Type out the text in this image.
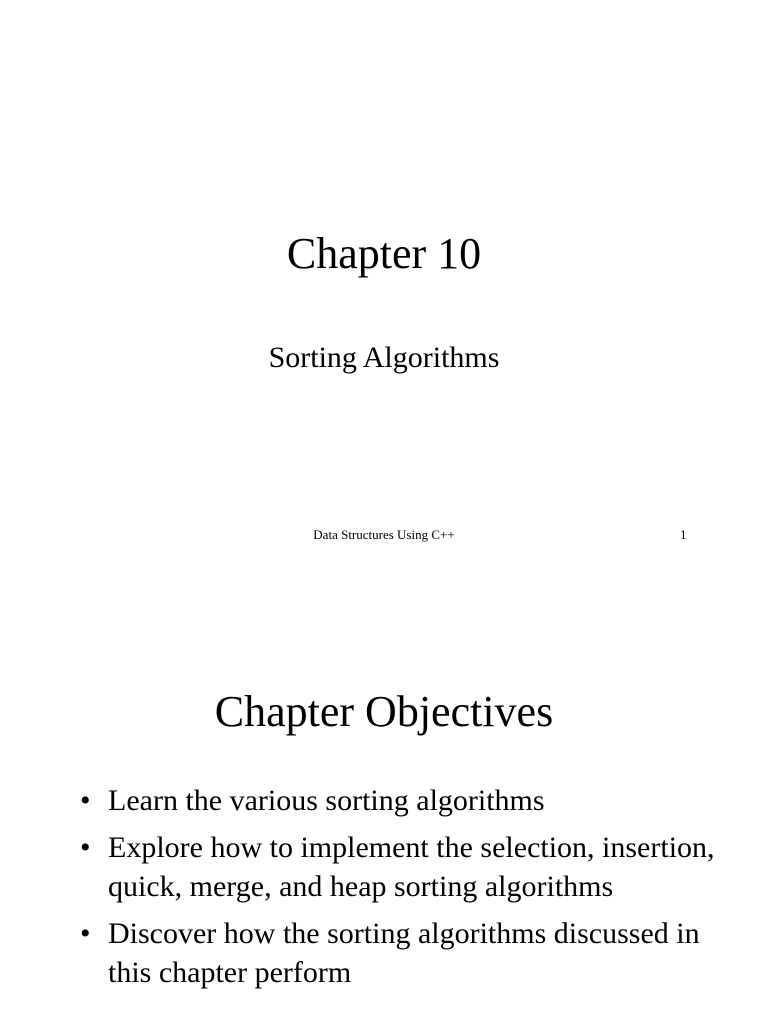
Chapter 10
Sorting Algorithms
Data Structures Using C++	1
Chapter Objectives
• Learn the various sorting algorithms
• Explore how to implement the selection, insertion, quick, merge, and heap sorting algorithms
• Discover how the sorting algorithms discussed in this chapter perform
